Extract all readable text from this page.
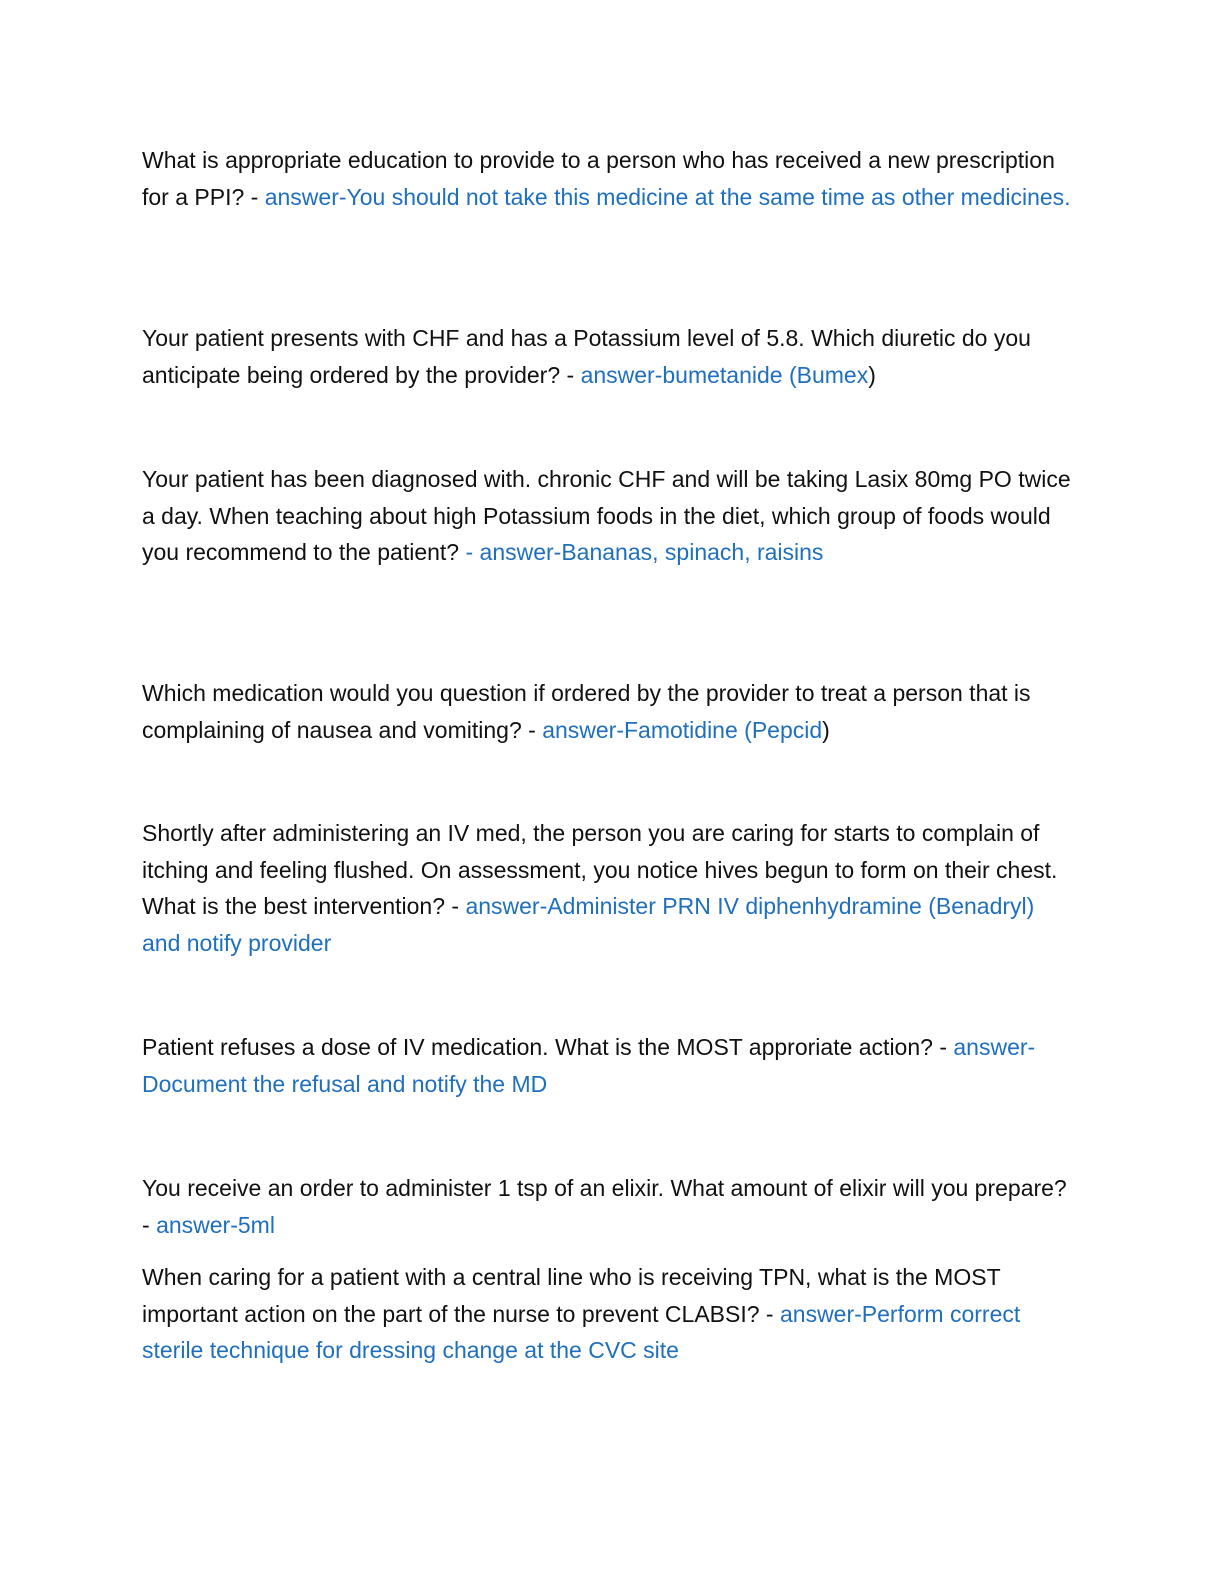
What is appropriate education to provide to a person who has received a new prescription for a PPI? - answer-You should not take this medicine at the same time as other medicines.

Your patient presents with CHF and has a Potassium level of 5.8. Which diuretic do you anticipate being ordered by the provider? - answer-bumetanide (Bumex)

Your patient has been diagnosed with. chronic CHF and will be taking Lasix 80mg PO twice a day. When teaching about high Potassium foods in the diet, which group of foods would you recommend to the patient? - answer-Bananas, spinach, raisins

Which medication would you question if ordered by the provider to treat a person that is complaining of nausea and vomiting? - answer-Famotidine (Pepcid)

Shortly after administering an IV med, the person you are caring for starts to complain of itching and feeling flushed. On assessment, you notice hives begun to form on their chest. What is the best intervention? - answer-Administer PRN IV diphenhydramine (Benadryl) and notify provider

Patient refuses a dose of IV medication. What is the MOST approriate action? - answer-Document the refusal and notify the MD

You receive an order to administer 1 tsp of an elixir. What amount of elixir will you prepare? - answer-5ml

When caring for a patient with a central line who is receiving TPN, what is the MOST important action on the part of the nurse to prevent CLABSI? - answer-Perform correct sterile technique for dressing change at the CVC site
